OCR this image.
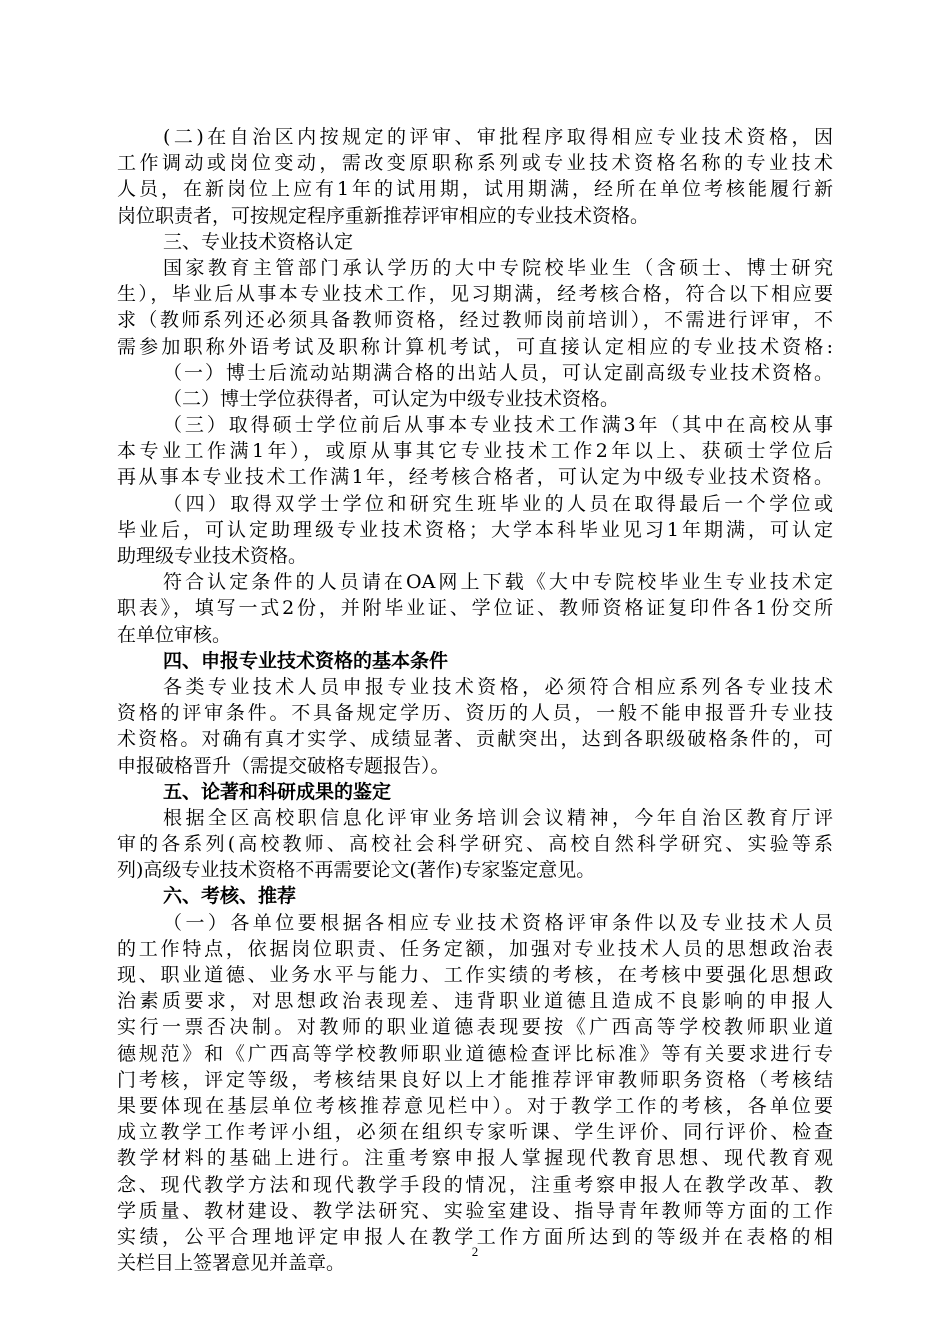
(二)在自治区内按规定的评审、审批程序取得相应专业技术资格，因
工作调动或岗位变动，需改变原职称系列或专业技术资格名称的专业技术
人员，在新岗位上应有1年的试用期，试用期满，经所在单位考核能履行新
岗位职责者，可按规定程序重新推荐评审相应的专业技术资格。
三、专业技术资格认定
国家教育主管部门承认学历的大中专院校毕业生（含硕士、博士研究
生），毕业后从事本专业技术工作，见习期满，经考核合格，符合以下相应要
求（教师系列还必须具备教师资格，经过教师岗前培训），不需进行评审，不
需参加职称外语考试及职称计算机考试，可直接认定相应的专业技术资格:
（一）博士后流动站期满合格的出站人员，可认定副高级专业技术资格。
（二）博士学位获得者，可认定为中级专业技术资格。
（三）取得硕士学位前后从事本专业技术工作满3年（其中在高校从事
本专业工作满1年），或原从事其它专业技术工作2年以上、获硕士学位后
再从事本专业技术工作满1年，经考核合格者，可认定为中级专业技术资格。
（四）取得双学士学位和研究生班毕业的人员在取得最后一个学位或
毕业后，可认定助理级专业技术资格；大学本科毕业见习1年期满，可认定
助理级专业技术资格。
符合认定条件的人员请在OA网上下载《大中专院校毕业生专业技术定
职表》，填写一式2份，并附毕业证、学位证、教师资格证复印件各1份交所
在单位审核。
四、申报专业技术资格的基本条件
各类专业技术人员申报专业技术资格，必须符合相应系列各专业技术
资格的评审条件。不具备规定学历、资历的人员，一般不能申报晋升专业技
术资格。对确有真才实学、成绩显著、贡献突出，达到各职级破格条件的，可
申报破格晋升（需提交破格专题报告）。
五、论著和科研成果的鉴定
根据全区高校职信息化评审业务培训会议精神，今年自治区教育厅评
审的各系列(高校教师、高校社会科学研究、高校自然科学研究、实验等系
列)高级专业技术资格不再需要论文(著作)专家鉴定意见。
六、考核、推荐
（一）各单位要根据各相应专业技术资格评审条件以及专业技术人员
的工作特点，依据岗位职责、任务定额，加强对专业技术人员的思想政治表
现、职业道德、业务水平与能力、工作实绩的考核，在考核中要强化思想政
治素质要求，对思想政治表现差、违背职业道德且造成不良影响的申报人
实行一票否决制。对教师的职业道德表现要按《广西高等学校教师职业道
德规范》和《广西高等学校教师职业道德检查评比标准》等有关要求进行专
门考核，评定等级，考核结果良好以上才能推荐评审教师职务资格（考核结
果要体现在基层单位考核推荐意见栏中）。对于教学工作的考核，各单位要
成立教学工作考评小组，必须在组织专家听课、学生评价、同行评价、检查
教学材料的基础上进行。注重考察申报人掌握现代教育思想、现代教育观
念、现代教学方法和现代教学手段的情况，注重考察申报人在教学改革、教
学质量、教材建设、教学法研究、实验室建设、指导青年教师等方面的工作
实绩，公平合理地评定申报人在教学工作方面所达到的等级并在表格的相
关栏目上签署意见并盖章。
2
